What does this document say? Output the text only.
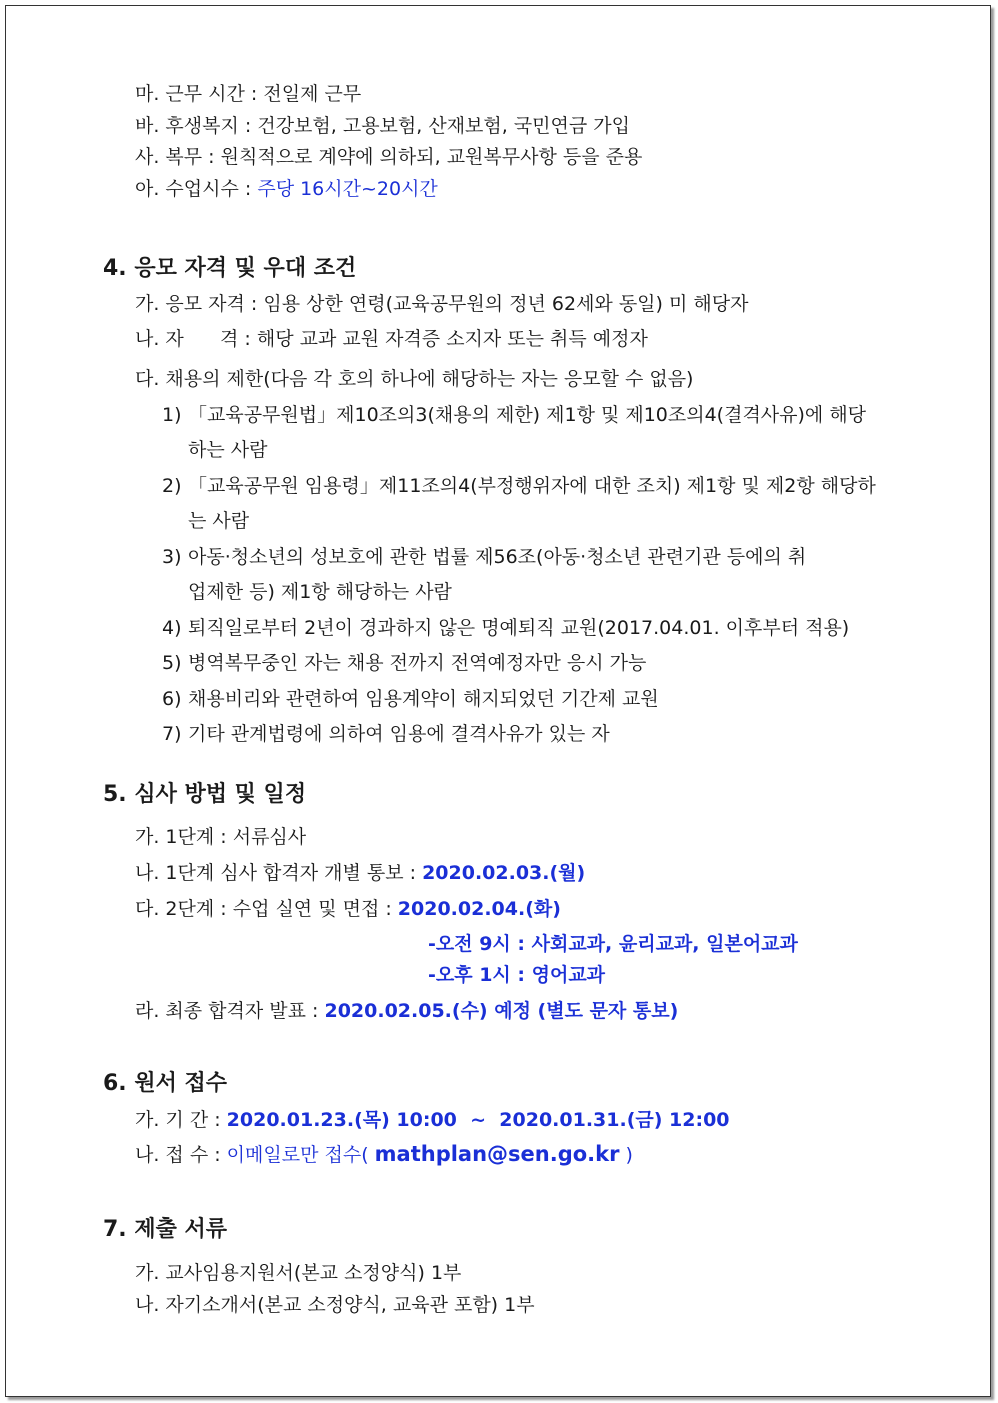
마. 근무 시간 : 전일제 근무
바. 후생복지 : 건강보험, 고용보험, 산재보험, 국민연금 가입
사. 복무 : 원칙적으로 계약에 의하되, 교원복무사항 등을 준용
아. 수업시수 : 주당 16시간~20시간
4. 응모 자격 및 우대 조건
가. 응모 자격 : 임용 상한 연령(교육공무원의 정년 62세와 동일) 미 해당자
나. 자      격 : 해당 교과 교원 자격증 소지자 또는 취득 예정자
다. 채용의 제한(다음 각 호의 하나에 해당하는 자는 응모할 수 없음)
1) 「교육공무원법」제10조의3(채용의 제한) 제1항 및 제10조의4(결격사유)에 해당
하는 사람
2) 「교육공무원 임용령」제11조의4(부정행위자에 대한 조치) 제1항 및 제2항 해당하
는 사람
3) 아동·청소년의 성보호에 관한 법률 제56조(아동·청소년 관련기관 등에의 취
업제한 등) 제1항 해당하는 사람
4) 퇴직일로부터 2년이 경과하지 않은 명예퇴직 교원(2017.04.01. 이후부터 적용)
5) 병역복무중인 자는 채용 전까지 전역예정자만 응시 가능
6) 채용비리와 관련하여 임용계약이 해지되었던 기간제 교원
7) 기타 관계법령에 의하여 임용에 결격사유가 있는 자
5. 심사 방법 및 일정
가. 1단계 : 서류심사
나. 1단계 심사 합격자 개별 통보 : 2020.02.03.(월)
다. 2단계 : 수업 실연 및 면접 : 2020.02.04.(화)
-오전 9시 : 사회교과, 윤리교과, 일본어교과
-오후 1시 : 영어교과
라. 최종 합격자 발표 : 2020.02.05.(수) 예정 (별도 문자 통보)
6. 원서 접수
가. 기 간 : 2020.01.23.(목) 10:00  ~  2020.01.31.(금) 12:00
나. 접 수 : 이메일로만 접수( mathplan@sen.go.kr )
7. 제출 서류
가. 교사임용지원서(본교 소정양식) 1부
나. 자기소개서(본교 소정양식, 교육관 포함) 1부
